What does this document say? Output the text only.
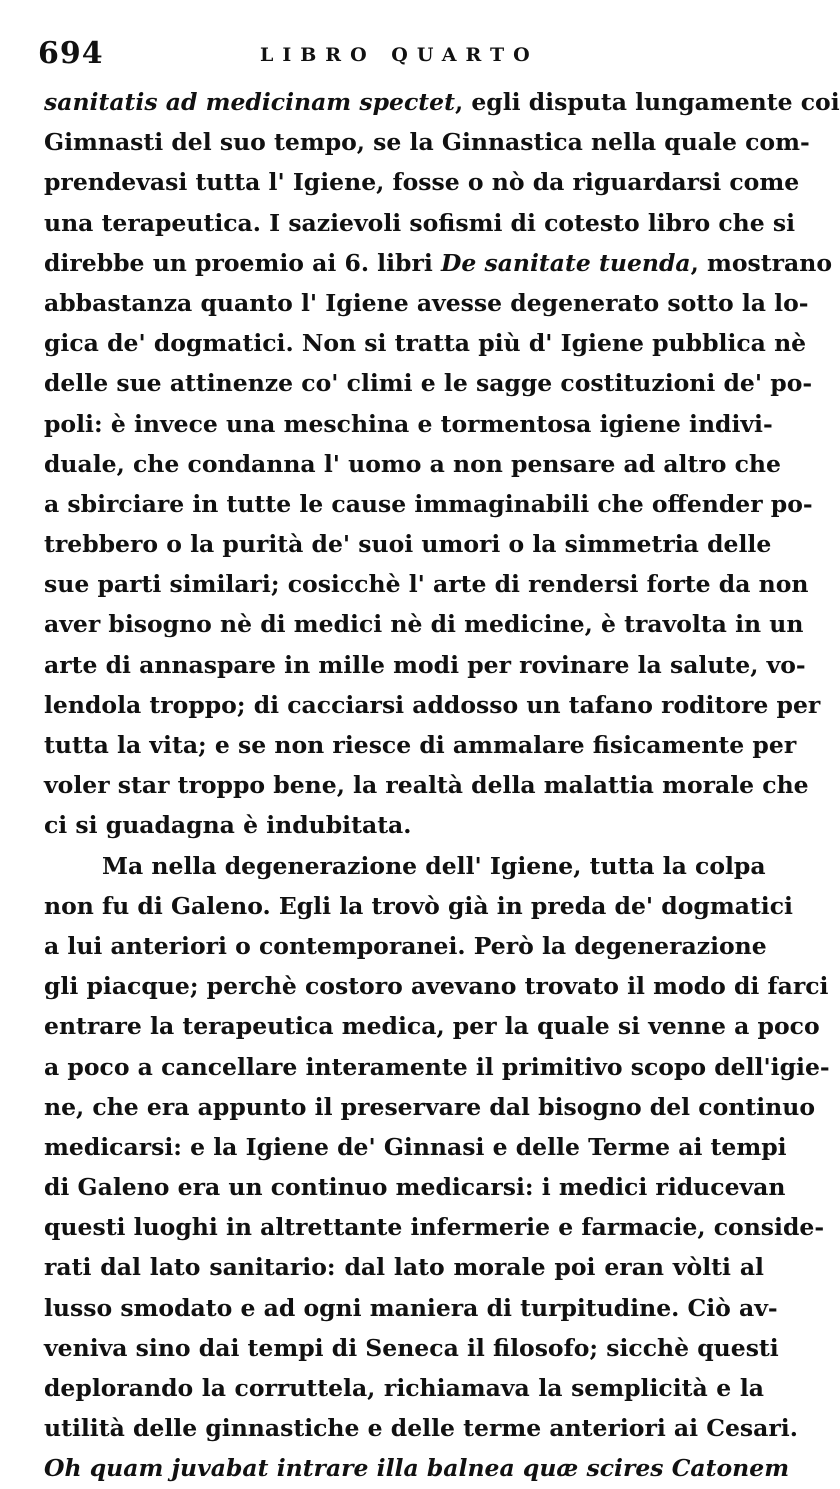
694	LIBRO QUARTO
sanitatis ad medicinam spectet, egli disputa lungamente coi
Gimnasti del suo tempo, se la Ginnastica nella quale com-
prendevasi tutta l' Igiene, fosse o nò da riguardarsi come
una terapeutica. I sazievoli sofismi di cotesto libro che si
direbbe un proemio ai 6. libri De sanitate tuenda, mostrano
abbastanza quanto l' Igiene avesse degenerato sotto la lo-
gica de' dogmatici. Non si tratta più d' Igiene pubblica nè
delle sue attinenze co' climi e le sagge costituzioni de' po-
poli: è invece una meschina e tormentosa igiene indivi-
duale, che condanna l' uomo a non pensare ad altro che
a sbirciare in tutte le cause immaginabili che offender po-
trebbero o la purità de' suoi umori o la simmetria delle
sue parti similari; cosicchè l' arte di rendersi forte da non
aver bisogno nè di medici nè di medicine, è travolta in un
arte di annaspare in mille modi per rovinare la salute, vo-
lendola troppo; di cacciarsi addosso un tafano roditore per
tutta la vita; e se non riesce di ammalare fisicamente per
voler star troppo bene, la realtà della malattia morale che
ci si guadagna è indubitata.
Ma nella degenerazione dell' Igiene, tutta la colpa
non fu di Galeno. Egli la trovò già in preda de' dogmatici
a lui anteriori o contemporanei. Però la degenerazione
gli piacque; perchè costoro avevano trovato il modo di farci
entrare la terapeutica medica, per la quale si venne a poco
a poco a cancellare interamente il primitivo scopo dell'igie-
ne, che era appunto il preservare dal bisogno del continuo
medicarsi: e la Igiene de' Ginnasi e delle Terme ai tempi
di Galeno era un continuo medicarsi: i medici riducevan
questi luoghi in altrettante infermerie e farmacie, conside-
rati dal lato sanitario: dal lato morale poi eran vòlti al
lusso smodato e ad ogni maniera di turpitudine. Ciò av-
veniva sino dai tempi di Seneca il filosofo; sicchè questi
deplorando la corruttela, richiamava la semplicità e la
utilità delle ginnastiche e delle terme anteriori ai Cesari.
Oh quam juvabat intrare illa balnea quæ scires Catonem
